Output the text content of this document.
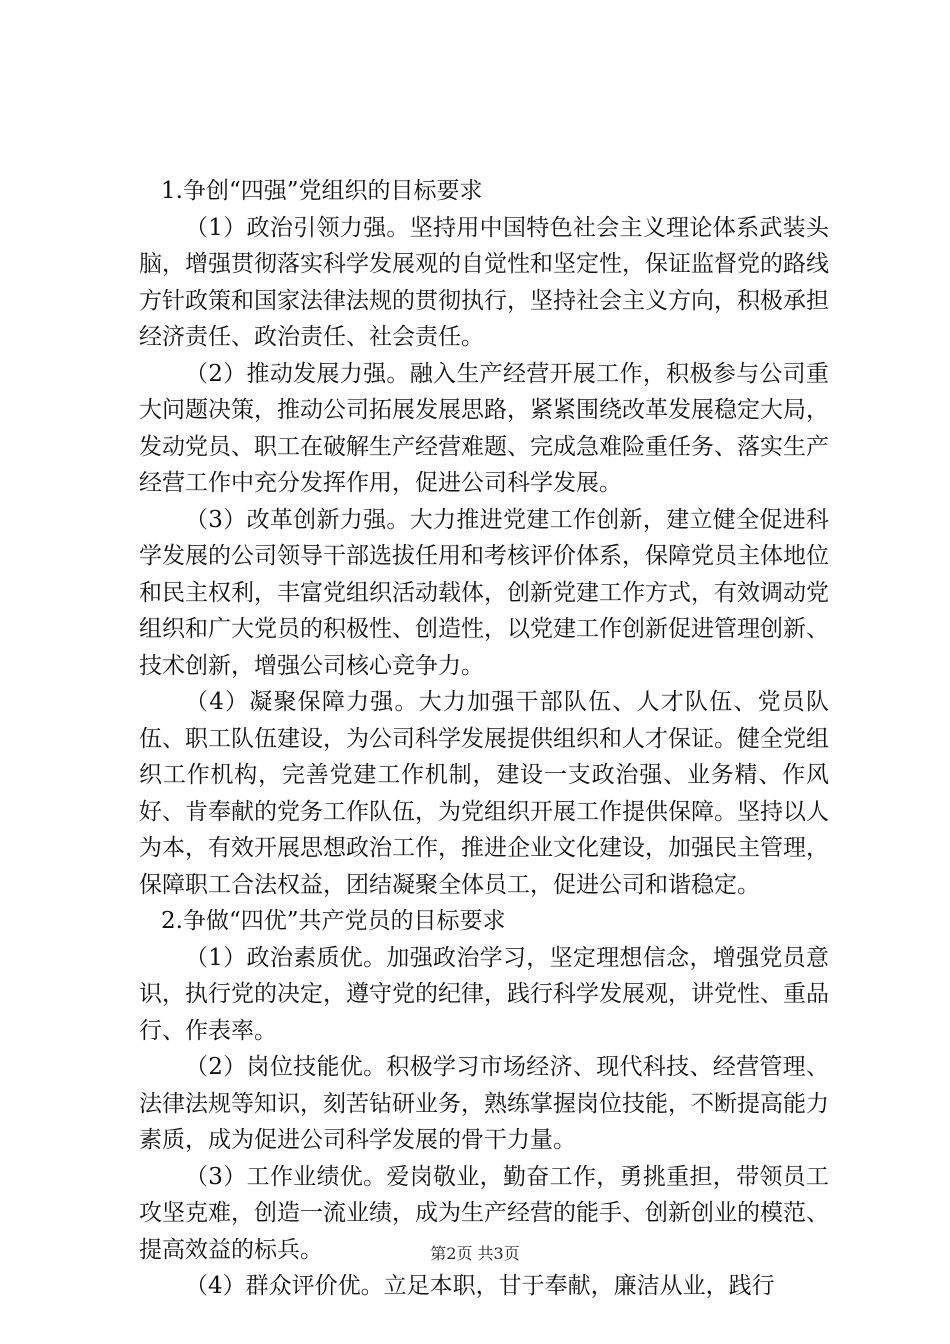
1.争创“四强”党组织的目标要求

（1）政治引领力强。坚持用中国特色社会主义理论体系武装头脑，增强贯彻落实科学发展观的自觉性和坚定性，保证监督党的路线方针政策和国家法律法规的贯彻执行，坚持社会主义方向，积极承担经济责任、政治责任、社会责任。

（2）推动发展力强。融入生产经营开展工作，积极参与公司重大问题决策，推动公司拓展发展思路，紧紧围绕改革发展稳定大局，发动党员、职工在破解生产经营难题、完成急难险重任务、落实生产经营工作中充分发挥作用，促进公司科学发展。

（3）改革创新力强。大力推进党建工作创新，建立健全促进科学发展的公司领导干部选拔任用和考核评价体系，保障党员主体地位和民主权利，丰富党组织活动载体，创新党建工作方式，有效调动党组织和广大党员的积极性、创造性，以党建工作创新促进管理创新、技术创新，增强公司核心竞争力。

（4）凝聚保障力强。大力加强干部队伍、人才队伍、党员队伍、职工队伍建设，为公司科学发展提供组织和人才保证。健全党组织工作机构，完善党建工作机制，建设一支政治强、业务精、作风好、肯奉献的党务工作队伍，为党组织开展工作提供保障。坚持以人为本，有效开展思想政治工作，推进企业文化建设，加强民主管理，保障职工合法权益，团结凝聚全体员工，促进公司和谐稳定。

2.争做“四优”共产党员的目标要求

（1）政治素质优。加强政治学习，坚定理想信念，增强党员意识，执行党的决定，遵守党的纪律，践行科学发展观，讲党性、重品行、作表率。

（2）岗位技能优。积极学习市场经济、现代科技、经营管理、法律法规等知识，刻苦钻研业务，熟练掌握岗位技能，不断提高能力素质，成为促进公司科学发展的骨干力量。

（3）工作业绩优。爱岗敬业，勤奋工作，勇挑重担，带领员工攻坚克难，创造一流业绩，成为生产经营的能手、创新创业的模范、提高效益的标兵。

（4）群众评价优。立足本职，甘于奉献，廉洁从业，践行

第2页 共3页
